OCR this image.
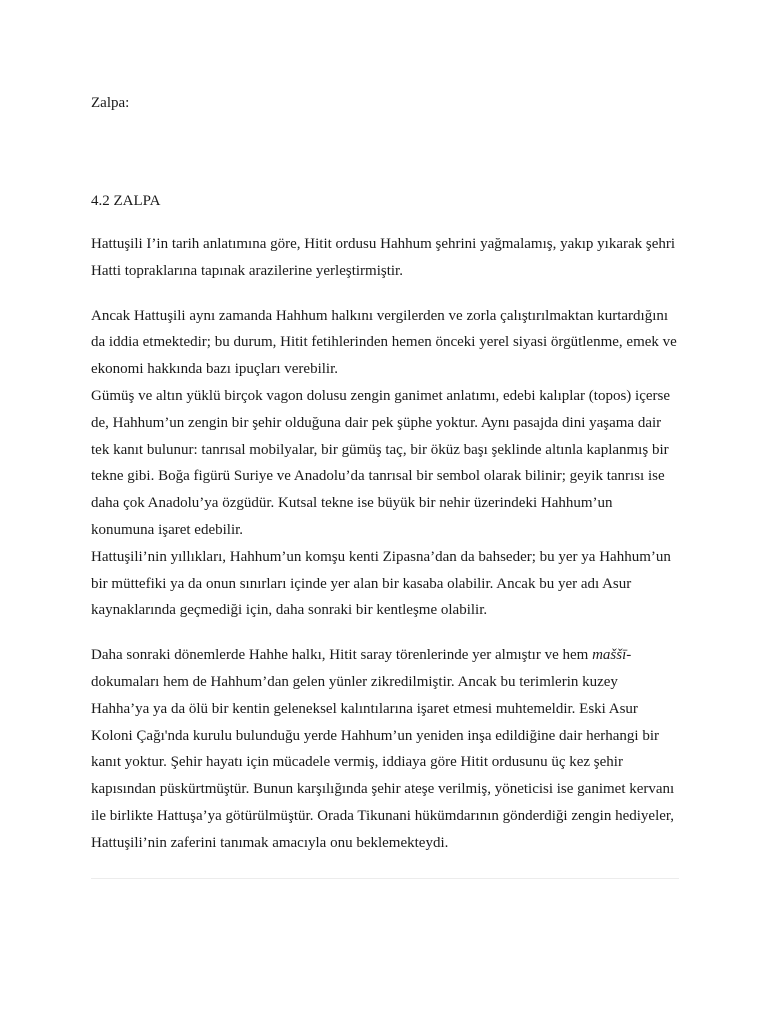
Zalpa:

4.2 ZALPA

Hattuşili I’in tarih anlatımına göre, Hitit ordusu Hahhum şehrini yağmalamış, yakıp yıkarak şehri Hatti topraklarına tapınak arazilerine yerleştirmiştir.

Ancak Hattuşili aynı zamanda Hahhum halkını vergilerden ve zorla çalıştırılmaktan kurtardığını da iddia etmektedir; bu durum, Hitit fetihlerinden hemen önceki yerel siyasi örgütlenme, emek ve ekonomi hakkında bazı ipuçları verebilir.

Gümüş ve altın yüklü birçok vagon dolusu zengin ganimet anlatımı, edebi kalıplar (topos) içerse de, Hahhum’un zengin bir şehir olduğuna dair pek şüphe yoktur. Aynı pasajda dini yaşama dair tek kanıt bulunur: tanrısal mobilyalar, bir gümüş taç, bir öküz başı şeklinde altınla kaplanmış bir tekne gibi. Boğa figürü Suriye ve Anadolu’da tanrısal bir sembol olarak bilinir; geyik tanrısı ise daha çok Anadolu’ya özgüdür. Kutsal tekne ise büyük bir nehir üzerindeki Hahhum’un konumuna işaret edebilir.

Hattuşili’nin yıllıkları, Hahhum’un komşu kenti Zipasna’dan da bahseder; bu yer ya Hahhum’un bir müttefiki ya da onun sınırları içinde yer alan bir kasaba olabilir. Ancak bu yer adı Asur kaynaklarında geçmediği için, daha sonraki bir kentleşme olabilir.

Daha sonraki dönemlerde Hahhe halkı, Hitit saray törenlerinde yer almıştır ve hem maššī-dokumaları hem de Hahhum’dan gelen yünler zikredilmiştir. Ancak bu terimlerin kuzey Hahha’ya ya da ölü bir kentin geleneksel kalıntılarına işaret etmesi muhtemeldir. Eski Asur Koloni Çağı'nda kurulu bulunduğu yerde Hahhum’un yeniden inşa edildiğine dair herhangi bir kanıt yoktur. Şehir hayatı için mücadele vermiş, iddiaya göre Hitit ordusunu üç kez şehir kapısından püskürtmüştür. Bunun karşılığında şehir ateşe verilmiş, yöneticisi ise ganimet kervanı ile birlikte Hattuşa’ya götürülmüştür. Orada Tikunani hükümdarının gönderdiği zengin hediyeler, Hattuşili’nin zaferini tanımak amacıyla onu beklemekteydi.
